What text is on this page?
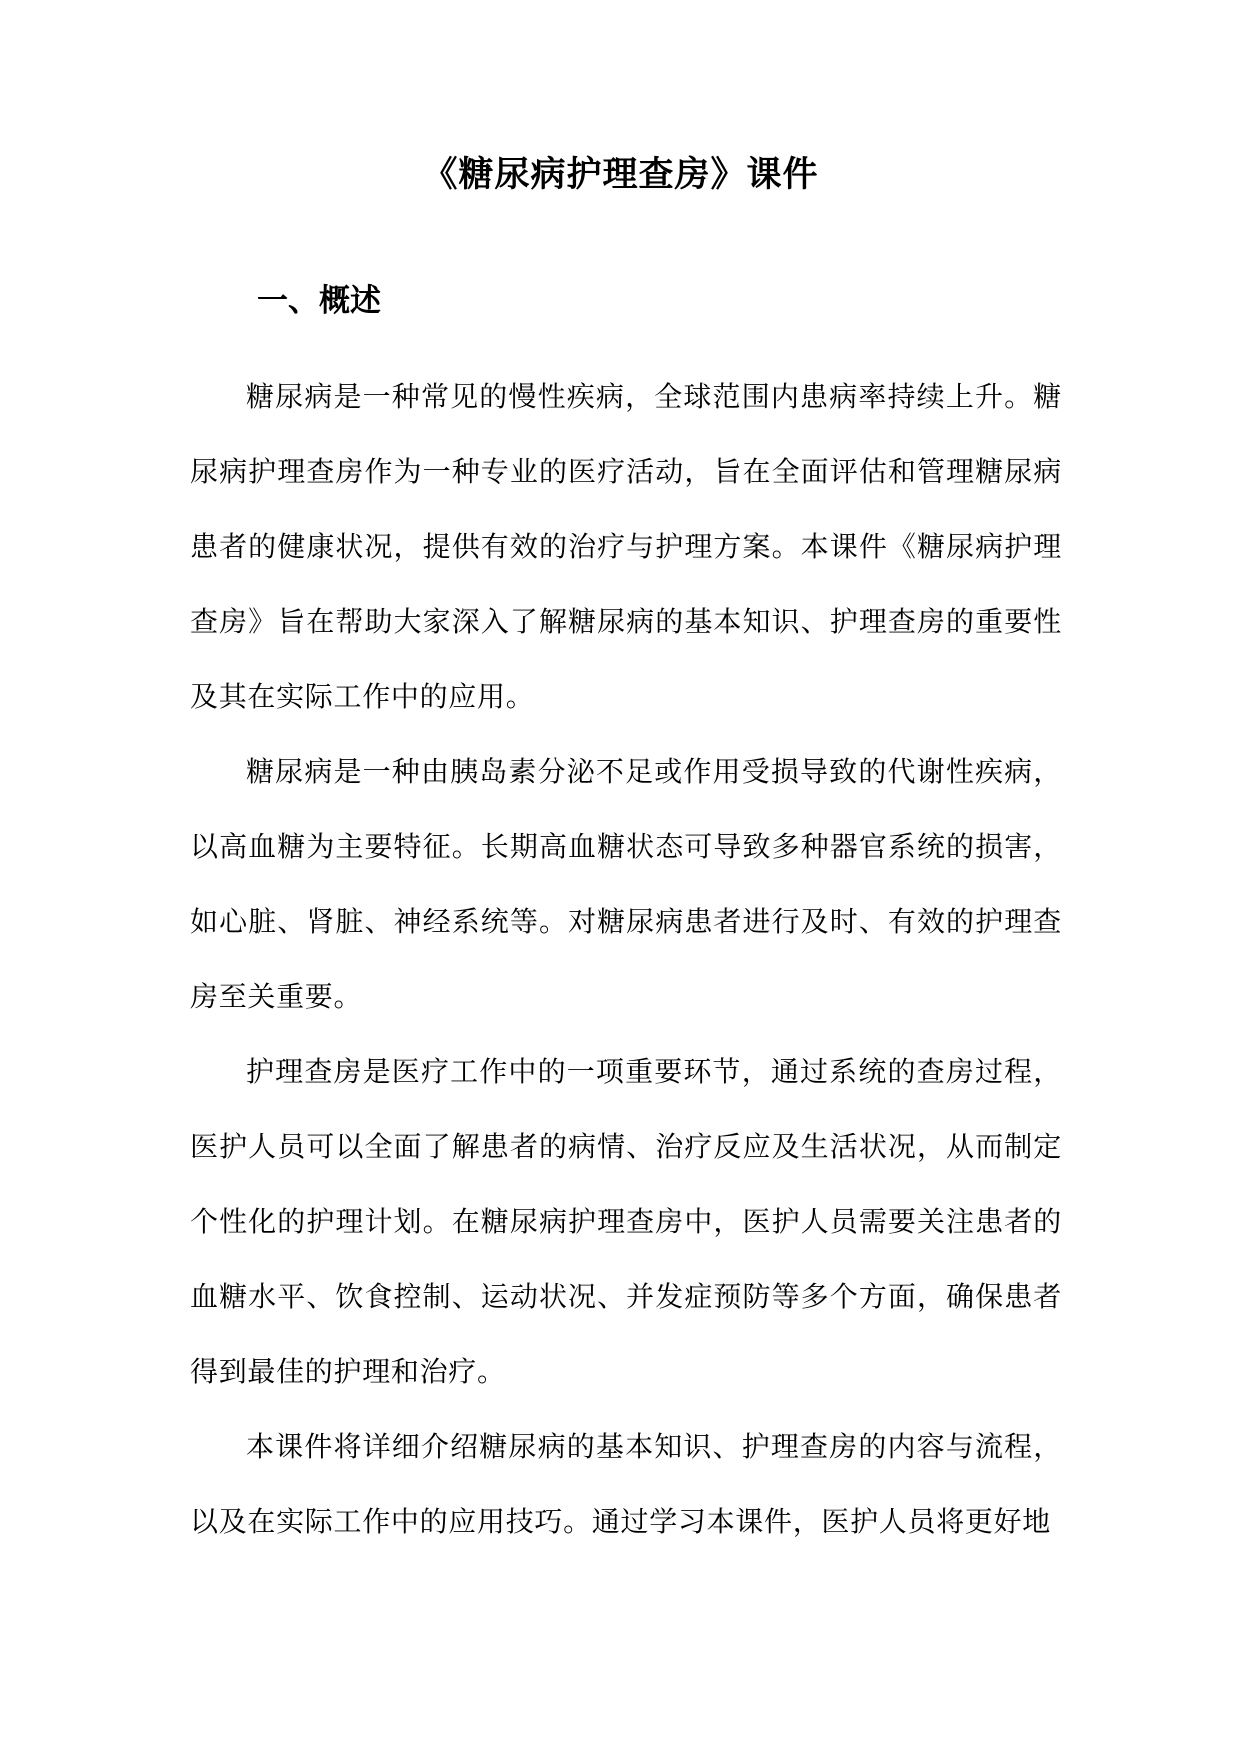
《糖尿病护理查房》课件
一、概述

糖尿病是一种常见的慢性疾病，全球范围内患病率持续上升。糖尿病护理查房作为一种专业的医疗活动，旨在全面评估和管理糖尿病患者的健康状况，提供有效的治疗与护理方案。本课件《糖尿病护理查房》旨在帮助大家深入了解糖尿病的基本知识、护理查房的重要性及其在实际工作中的应用。

糖尿病是一种由胰岛素分泌不足或作用受损导致的代谢性疾病，以高血糖为主要特征。长期高血糖状态可导致多种器官系统的损害，如心脏、肾脏、神经系统等。对糖尿病患者进行及时、有效的护理查房至关重要。

护理查房是医疗工作中的一项重要环节，通过系统的查房过程，医护人员可以全面了解患者的病情、治疗反应及生活状况，从而制定个性化的护理计划。在糖尿病护理查房中，医护人员需要关注患者的血糖水平、饮食控制、运动状况、并发症预防等多个方面，确保患者得到最佳的护理和治疗。

本课件将详细介绍糖尿病的基本知识、护理查房的内容与流程，以及在实际工作中的应用技巧。通过学习本课件，医护人员将更好地
